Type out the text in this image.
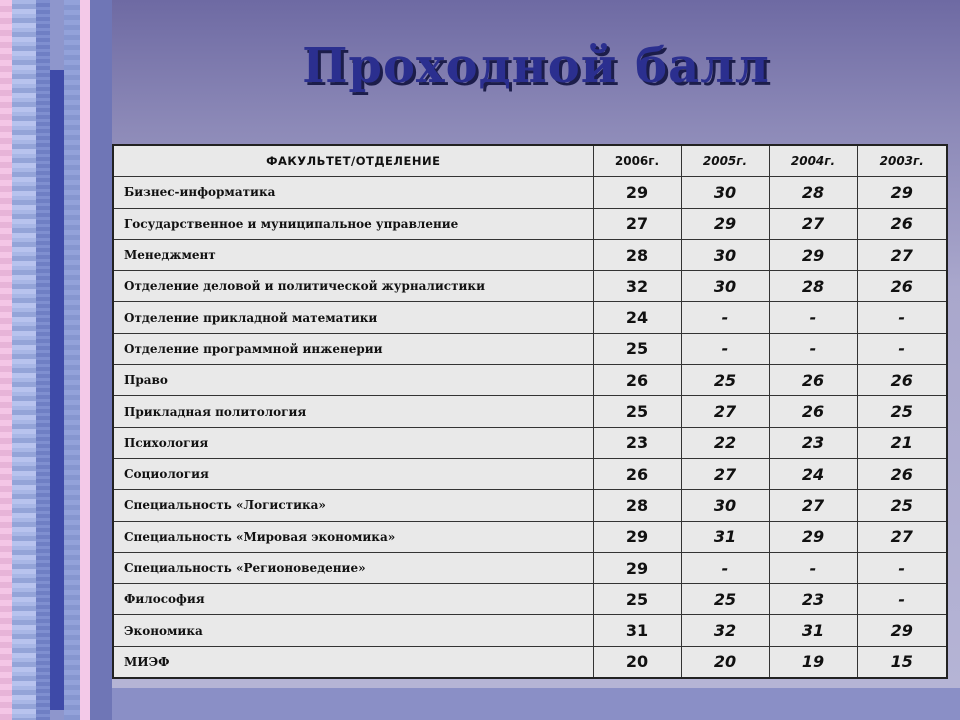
Проходной балл
ФАКУЛЬТЕТ/ОТДЕЛЕНИЕ	2006г.	2005г.	2004г.	2003г.
Бизнес-информатика	29	30	28	29
Государственное и муниципальное управление	27	29	27	26
Менеджмент	28	30	29	27
Отделение деловой и политической журналистики	32	30	28	26
Отделение прикладной математики	24	-	-	-
Отделение программной инженерии	25	-	-	-
Право	26	25	26	26
Прикладная политология	25	27	26	25
Психология	23	22	23	21
Социология	26	27	24	26
Специальность «Логистика»	28	30	27	25
Специальность «Мировая экономика»	29	31	29	27
Специальность «Регионоведение»	29	-	-	-
Философия	25	25	23	-
Экономика	31	32	31	29
МИЭФ	20	20	19	15
